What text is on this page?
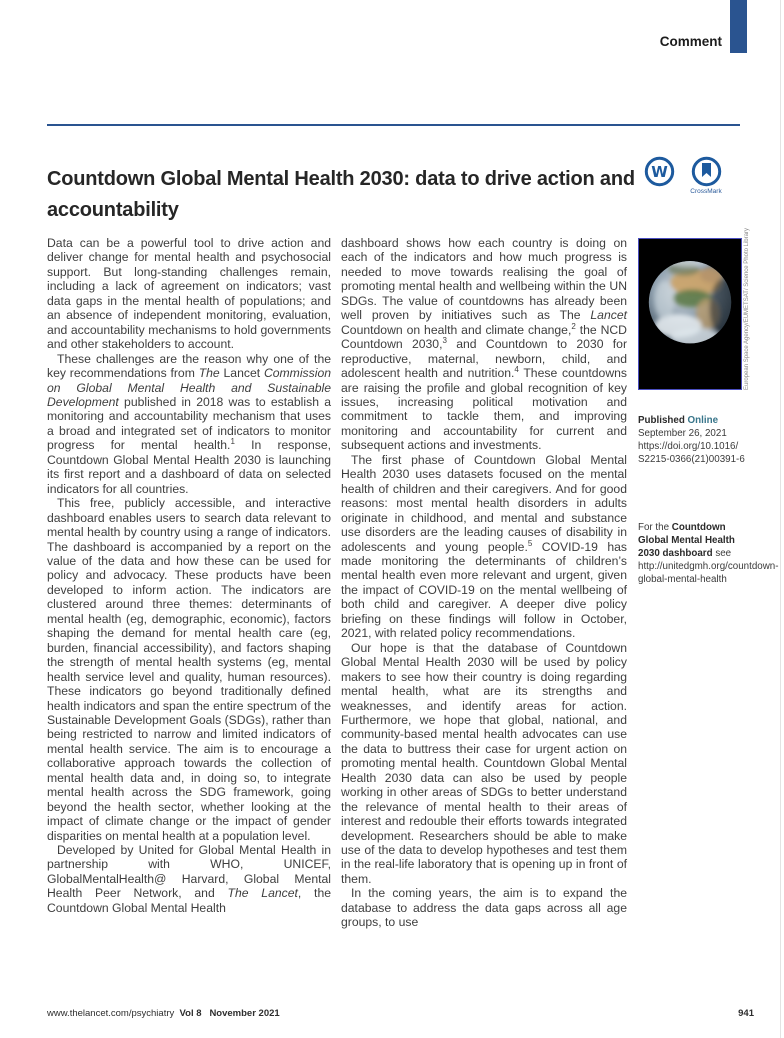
Comment
Countdown Global Mental Health 2030: data to drive action and accountability
W
CrossMark

Data can be a powerful tool to drive action and deliver change for mental health and psychosocial support. But long-standing challenges remain, including a lack of agreement on indicators; vast data gaps in the mental health of populations; and an absence of independent monitoring, evaluation, and accountability mechanisms to hold governments and other stakeholders to account.

These challenges are the reason why one of the key recommendations from The Lancet Commission on Global Mental Health and Sustainable Development published in 2018 was to establish a monitoring and accountability mechanism that uses a broad and integrated set of indicators to monitor progress for mental health.$^1$ In response, Countdown Global Mental Health 2030 is launching its first report and a dashboard of data on selected indicators for all countries.

This free, publicly accessible, and interactive dashboard enables users to search data relevant to mental health by country using a range of indicators. The dashboard is accompanied by a report on the value of the data and how these can be used for policy and advocacy. These products have been developed to inform action. The indicators are clustered around three themes: determinants of mental health (eg, demographic, economic), factors shaping the demand for mental health care (eg, burden, financial accessibility), and factors shaping the strength of mental health systems (eg, mental health service level and quality, human resources). These indicators go beyond traditionally defined health indicators and span the entire spectrum of the Sustainable Development Goals (SDGs), rather than being restricted to narrow and limited indicators of mental health service. The aim is to encourage a collaborative approach towards the collection of mental health data and, in doing so, to integrate mental health across the SDG framework, going beyond the health sector, whether looking at the impact of climate change or the impact of gender disparities on mental health at a population level.

Developed by United for Global Mental Health in partnership with WHO, UNICEF, GlobalMentalHealth@ Harvard, Global Mental Health Peer Network, and The Lancet, the Countdown Global Mental Health

dashboard shows how each country is doing on each of the indicators and how much progress is needed to move towards realising the goal of promoting mental health and wellbeing within the UN SDGs. The value of countdowns has already been well proven by initiatives such as The Lancet Countdown on health and climate change,$^2$ the NCD Countdown 2030,$^3$ and Countdown to 2030 for reproductive, maternal, newborn, child, and adolescent health and nutrition.$^4$ These countdowns are raising the profile and global recognition of key issues, increasing political motivation and commitment to tackle them, and improving monitoring and accountability for current and subsequent actions and investments.

The first phase of Countdown Global Mental Health 2030 uses datasets focused on the mental health of children and their caregivers. And for good reasons: most mental health disorders in adults originate in childhood, and mental and substance use disorders are the leading causes of disability in adolescents and young people.$^5$ COVID-19 has made monitoring the determinants of children’s mental health even more relevant and urgent, given the impact of COVID-19 on the mental wellbeing of both child and caregiver. A deeper dive policy briefing on these findings will follow in October, 2021, with related policy recommendations.

Our hope is that the database of Countdown Global Mental Health 2030 will be used by policy makers to see how their country is doing regarding mental health, what are its strengths and weaknesses, and identify areas for action. Furthermore, we hope that global, national, and community-based mental health advocates can use the data to buttress their case for urgent action on promoting mental health. Countdown Global Mental Health 2030 data can also be used by people working in other areas of SDGs to better understand the relevance of mental health to their areas of interest and redouble their efforts towards integrated development. Researchers should be able to make use of the data to develop hypotheses and test them in the real-life laboratory that is opening up in front of them.

In the coming years, the aim is to expand the database to address the data gaps across all age groups, to use

European Space Agency/EUMETSAT/ Science Photo Library
Published Online
September 26, 2021
https://doi.org/10.1016/
S2215-0366(21)00391-6
For the Countdown Global Mental Health 2030 dashboard see http://unitedgmh.org/countdown-global-mental-health
www.thelancet.com/psychiatry  Vol 8   November 2021	941
